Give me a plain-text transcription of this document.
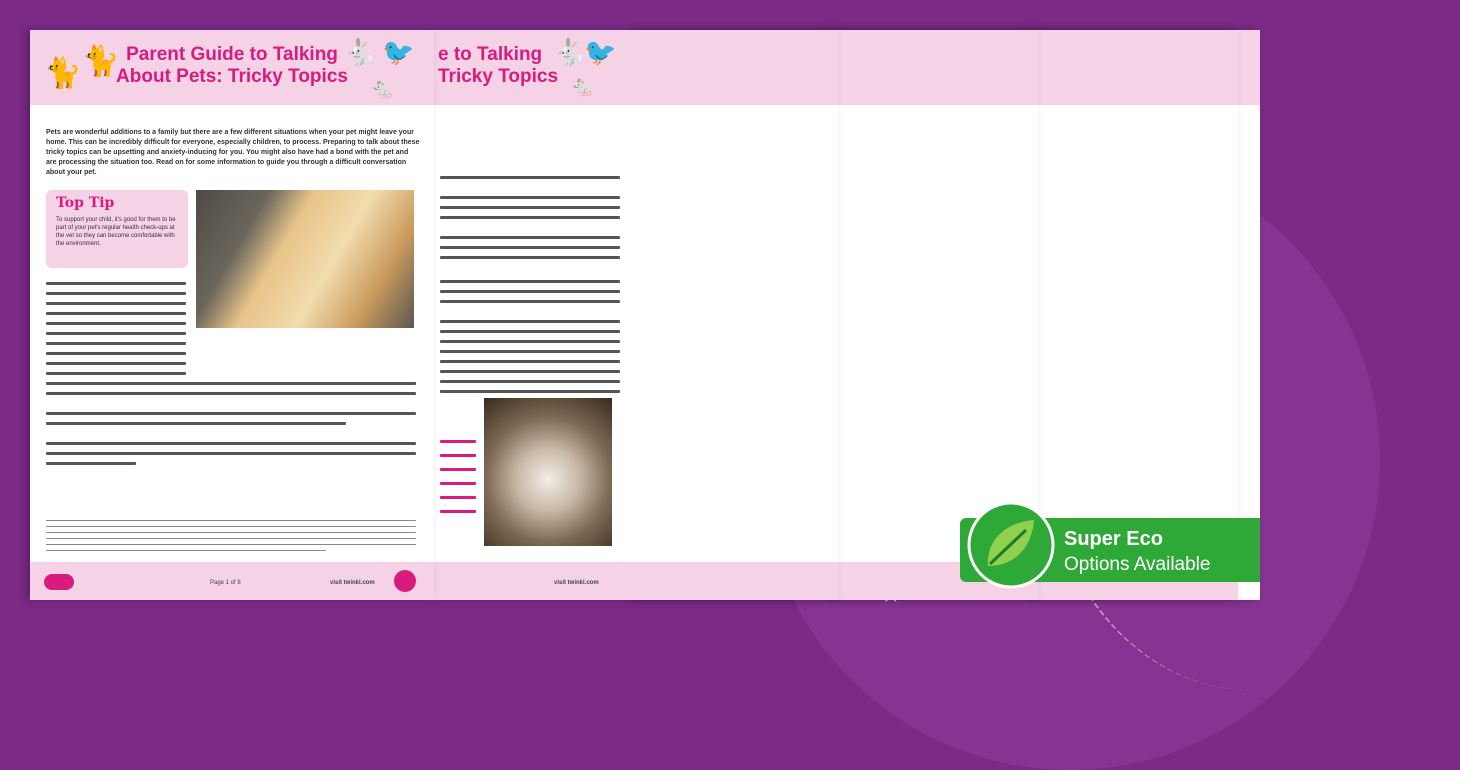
e to Talking
Tricky Topics
🐇
🐦
🐁
visit twinkl.com
🐈 🐈 Parent Guide to Talking
About Pets: Tricky Topics
🐇 🐦
🐁
Pets are wonderful additions to a family but there are a few different situations when your pet might leave your home. This can be incredibly difficult for everyone, especially children, to process. Preparing to talk about these tricky topics can be upsetting and anxiety-inducing for you. You might also have had a bond with the pet and are processing the situation too. Read on for some information to guide you through a difficult conversation about your pet.
Top Tip
To support your child, it's good for them to be part of your pet's regular health check-ups at the vet so they can become comfortable with the environment.
Page 1 of 8	visit twinkl.com
Super Eco
Options Available
